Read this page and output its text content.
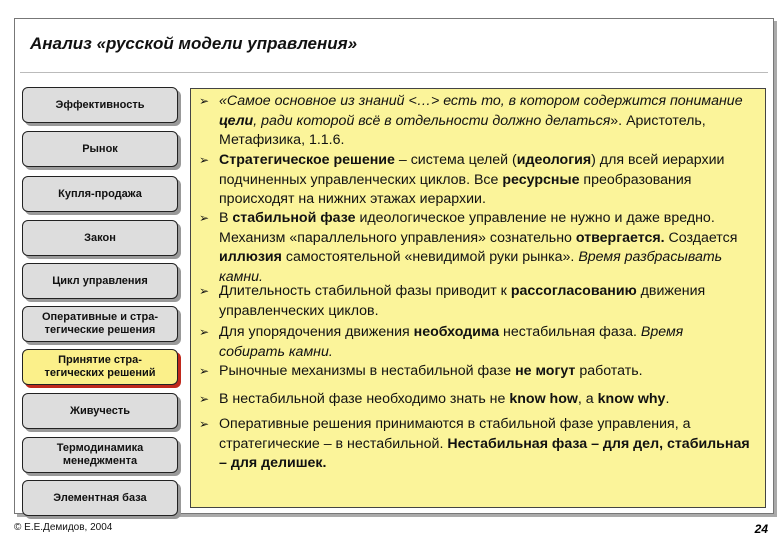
Анализ «русской модели управления»
Эффективность
Рынок
Купля-продажа
Закон
Цикл управления
Оперативные и стра-тегические решения
Принятие стра-тегических решений
Живучесть
Термодинамика менеджмента
Элементная база
➢ «Самое основное из знаний <…> есть то, в котором содержится понимание цели, ради которой всё в отдельности должно делаться». Аристотель, Метафизика, 1.1.6.
➢ Стратегическое решение – система целей (идеология) для всей иерархии подчиненных управленческих циклов. Все ресурсные преобразования происходят на нижних этажах иерархии.
➢ В стабильной фазе идеологическое управление не нужно и даже вредно. Механизм «параллельного управления» сознательно отвергается. Создается иллюзия самостоятельной «невидимой руки рынка». Время разбрасывать камни.
➢ Длительность стабильной фазы приводит к рассогласованию движения управленческих циклов.
➢ Для упорядочения движения необходима нестабильная фаза. Время собирать камни.
➢ Рыночные механизмы в нестабильной фазе не могут работать.
➢ В нестабильной фазе необходимо знать не know how, а know why.
➢ Оперативные решения принимаются в стабильной фазе управления, а стратегические – в нестабильной. Нестабильная фаза – для дел, стабильная – для делишек.
© Е.Е.Демидов, 2004	24
